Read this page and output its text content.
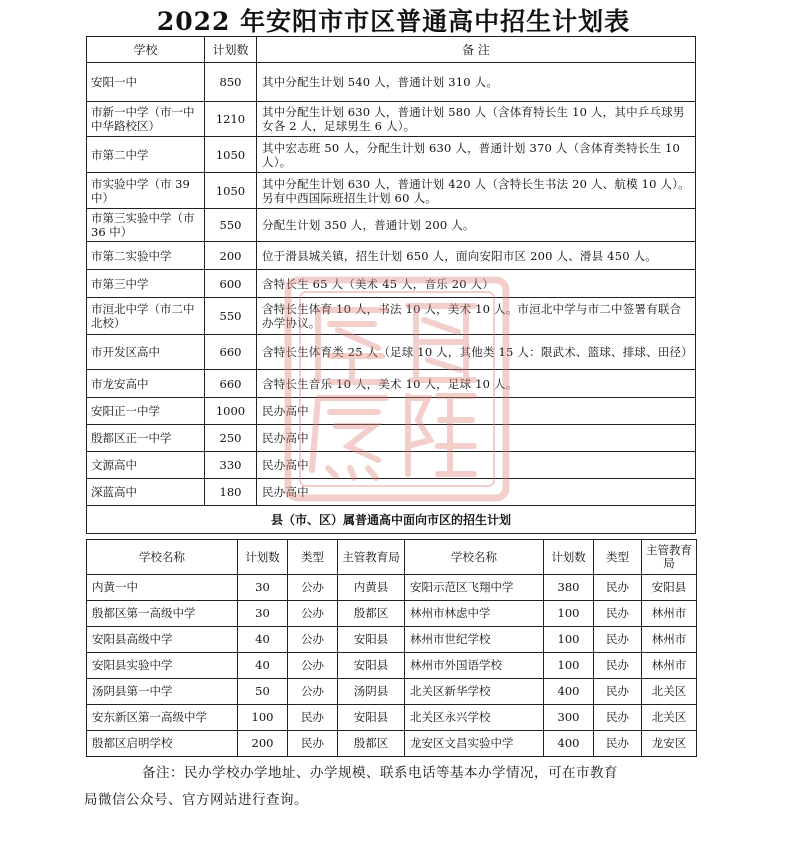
2022 年安阳市市区普通高中招生计划表
学校	计划数	备 注
安阳一中	850	其中分配生计划 540 人，普通计划 310 人。
市新一中学（市一中中华路校区）	1210	其中分配生计划 630 人，普通计划 580 人（含体育特长生 10 人，其中乒乓球男女各 2 人，足球男生 6 人）。
市第二中学	1050	其中宏志班 50 人，分配生计划 630 人，普通计划 370 人（含体育类特长生 10 人）。
市实验中学（市 39 中）	1050	其中分配生计划 630 人，普通计划 420 人（含特长生书法 20 人、航模 10 人）。另有中西国际班招生计划 60 人。
市第三实验中学（市 36 中）	550	分配生计划 350 人，普通计划 200 人。
市第二实验中学	200	位于滑县城关镇，招生计划 650 人，面向安阳市区 200 人、滑县 450 人。
市第三中学	600	含特长生 65 人（美术 45 人，音乐 20 人）
市洹北中学（市二中北校）	550	含特长生体育 10 人，书法 10 人，美术 10 人。市洹北中学与市二中签署有联合办学协议。
市开发区高中	660	含特长生体育类 25 人（足球 10 人，其他类 15 人：限武术、篮球、排球、田径）
市龙安高中	660	含特长生音乐 10 人，美术 10 人，足球 10 人。
安阳正一中学	1000	民办高中
殷都区正一中学	250	民办高中
文源高中	330	民办高中
深蓝高中	180	民办高中
县（市、区）属普通高中面向市区的招生计划		
学校名称	计划数	类型	主管教育局	学校名称	计划数	类型	主管教育局
内黄一中	30	公办	内黄县	安阳示范区飞翔中学	380	民办	安阳县
殷都区第一高级中学	30	公办	殷都区	林州市林虑中学	100	民办	林州市
安阳县高级中学	40	公办	安阳县	林州市世纪学校	100	民办	林州市
安阳县实验中学	40	公办	安阳县	林州市外国语学校	100	民办	林州市
汤阴县第一中学	50	公办	汤阴县	北关区新华学校	400	民办	北关区
安东新区第一高级中学	100	民办	安阳县	北关区永兴学校	300	民办	北关区
殷都区启明学校	200	民办	殷都区	龙安区文昌实验中学	400	民办	龙安区
备注：民办学校办学地址、办学规模、联系电话等基本办学情况，可在市教育
局微信公众号、官方网站进行查询。
